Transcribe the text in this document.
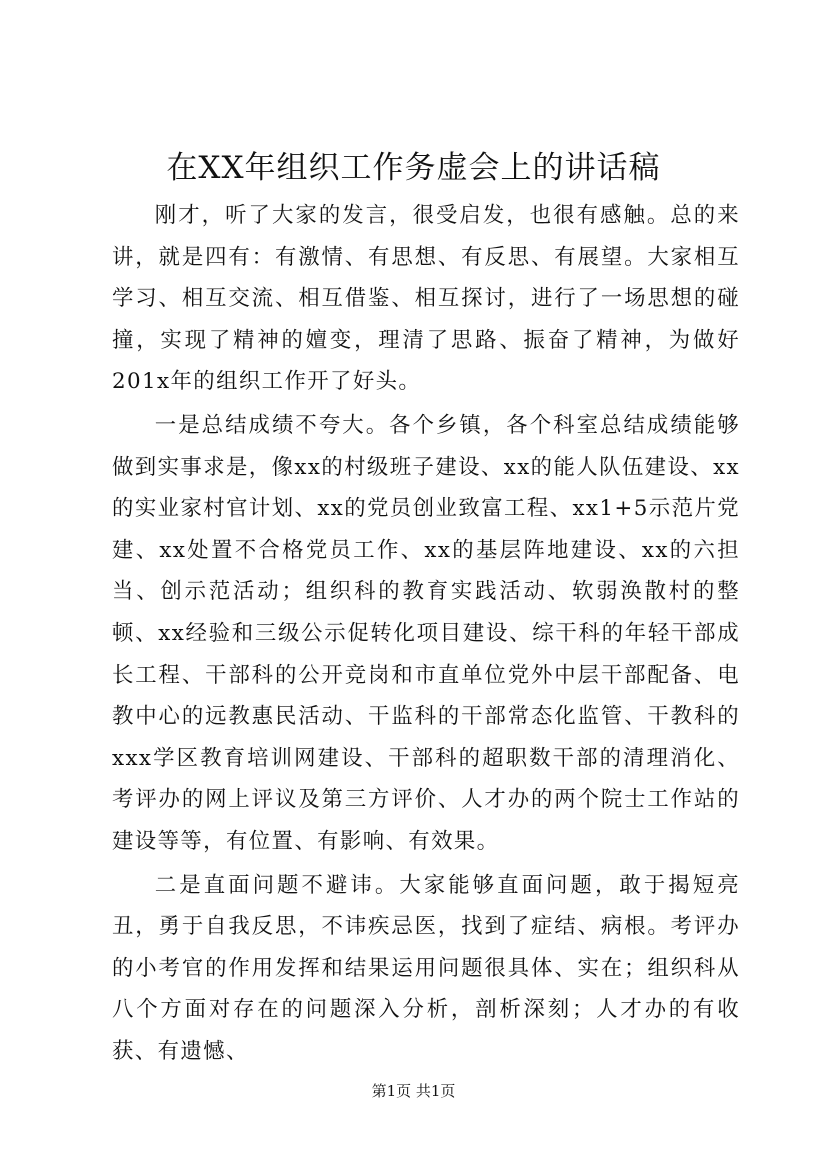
在XX年组织工作务虚会上的讲话稿

刚才，听了大家的发言，很受启发，也很有感触。总的来讲，就是四有：有激情、有思想、有反思、有展望。大家相互学习、相互交流、相互借鉴、相互探讨，进行了一场思想的碰撞，实现了精神的嬗变，理清了思路、振奋了精神，为做好201x年的组织工作开了好头。

一是总结成绩不夸大。各个乡镇，各个科室总结成绩能够做到实事求是，像xx的村级班子建设、xx的能人队伍建设、xx的实业家村官计划、xx的党员创业致富工程、xx1+5示范片党建、xx处置不合格党员工作、xx的基层阵地建设、xx的六担当、创示范活动；组织科的教育实践活动、软弱涣散村的整顿、xx经验和三级公示促转化项目建设、综干科的年轻干部成长工程、干部科的公开竞岗和市直单位党外中层干部配备、电教中心的远教惠民活动、干监科的干部常态化监管、干教科的xxx学区教育培训网建设、干部科的超职数干部的清理消化、考评办的网上评议及第三方评价、人才办的两个院士工作站的建设等等，有位置、有影响、有效果。

二是直面问题不避讳。大家能够直面问题，敢于揭短亮丑，勇于自我反思，不讳疾忌医，找到了症结、病根。考评办的小考官的作用发挥和结果运用问题很具体、实在；组织科从八个方面对存在的问题深入分析，剖析深刻；人才办的有收获、有遗憾、

第1页 共1页
